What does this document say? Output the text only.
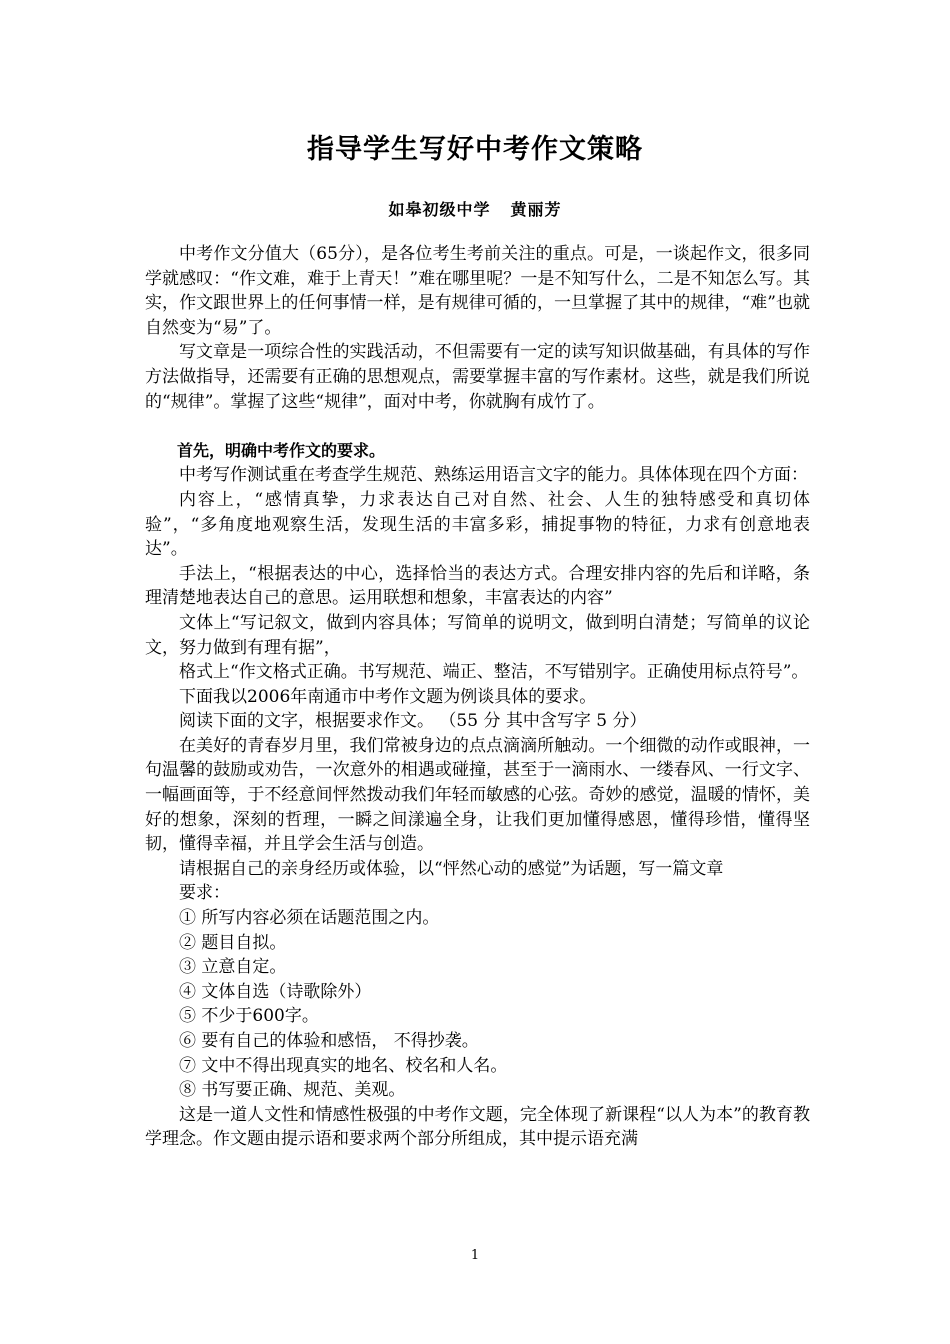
指导学生写好中考作文策略
如皋初级中学 黄丽芳

中考作文分值大（65分），是各位考生考前关注的重点。可是，一谈起作文，很多同学就感叹：“作文难，难于上青天！”难在哪里呢？一是不知写什么，二是不知怎么写。其实，作文跟世界上的任何事情一样，是有规律可循的，一旦掌握了其中的规律，“难”也就自然变为“易”了。

写文章是一项综合性的实践活动，不但需要有一定的读写知识做基础，有具体的写作方法做指导，还需要有正确的思想观点，需要掌握丰富的写作素材。这些，就是我们所说的“规律”。掌握了这些“规律”，面对中考，你就胸有成竹了。

首先，明确中考作文的要求。

中考写作测试重在考查学生规范、熟练运用语言文字的能力。具体体现在四个方面：

内容上，“感情真挚，力求表达自己对自然、社会、人生的独特感受和真切体验”，“多角度地观察生活，发现生活的丰富多彩，捕捉事物的特征，力求有创意地表达”。

手法上，“根据表达的中心，选择恰当的表达方式。合理安排内容的先后和详略，条理清楚地表达自己的意思。运用联想和想象，丰富表达的内容”

文体上“写记叙文，做到内容具体；写简单的说明文，做到明白清楚；写简单的议论文，努力做到有理有据”，

格式上“作文格式正确。书写规范、端正、整洁，不写错别字。正确使用标点符号”。

下面我以2006年南通市中考作文题为例谈具体的要求。

阅读下面的文字，根据要求作文。 （55 分 其中含写字 5 分）

在美好的青春岁月里，我们常被身边的点点滴滴所触动。一个细微的动作或眼神，一句温馨的鼓励或劝告，一次意外的相遇或碰撞，甚至于一滴雨水、一缕春风、一行文字、一幅画面等，于不经意间怦然拨动我们年轻而敏感的心弦。奇妙的感觉，温暖的情怀，美好的想象，深刻的哲理，一瞬之间漾遍全身，让我们更加懂得感恩，懂得珍惜，懂得坚韧，懂得幸福，并且学会生活与创造。

请根据自己的亲身经历或体验，以“怦然心动的感觉”为话题，写一篇文章

要求：

① 所写内容必须在话题范围之内。

② 题目自拟。

③ 立意自定。

④ 文体自选（诗歌除外）

⑤ 不少于600字。

⑥ 要有自己的体验和感悟， 不得抄袭。

⑦ 文中不得出现真实的地名、校名和人名。

⑧ 书写要正确、规范、美观。

这是一道人文性和情感性极强的中考作文题，完全体现了新课程“以人为本”的教育教学理念。作文题由提示语和要求两个部分所组成，其中提示语充满

1
